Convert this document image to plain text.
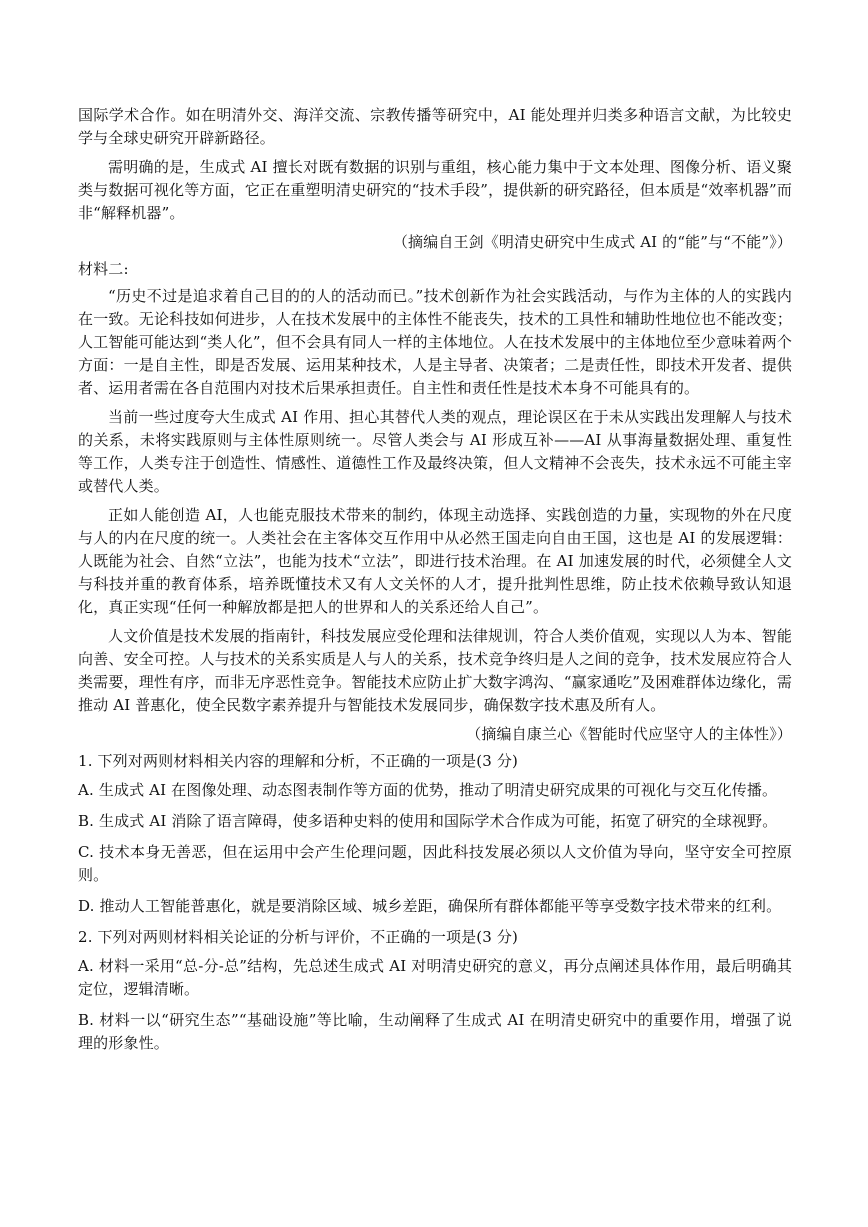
国际学术合作。如在明清外交、海洋交流、宗教传播等研究中，AI 能处理并归类多种语言文献，为比较史学与全球史研究开辟新路径。

需明确的是，生成式 AI 擅长对既有数据的识别与重组，核心能力集中于文本处理、图像分析、语义聚类与数据可视化等方面，它正在重塑明清史研究的“技术手段”，提供新的研究路径，但本质是“效率机器”而非“解释机器”。

（摘编自王剑《明清史研究中生成式 AI 的“能”与“不能”》）

材料二:

“历史不过是追求着自己目的的人的活动而已。”技术创新作为社会实践活动，与作为主体的人的实践内在一致。无论科技如何进步，人在技术发展中的主体性不能丧失，技术的工具性和辅助性地位也不能改变；人工智能可能达到“类人化”，但不会具有同人一样的主体地位。人在技术发展中的主体地位至少意味着两个方面：一是自主性，即是否发展、运用某种技术，人是主导者、决策者；二是责任性，即技术开发者、提供者、运用者需在各自范围内对技术后果承担责任。自主性和责任性是技术本身不可能具有的。

当前一些过度夸大生成式 AI 作用、担心其替代人类的观点，理论误区在于未从实践出发理解人与技术的关系，未将实践原则与主体性原则统一。尽管人类会与 AI 形成互补——AI 从事海量数据处理、重复性等工作，人类专注于创造性、情感性、道德性工作及最终决策，但人文精神不会丧失，技术永远不可能主宰或替代人类。

正如人能创造 AI，人也能克服技术带来的制约，体现主动选择、实践创造的力量，实现物的外在尺度与人的内在尺度的统一。人类社会在主客体交互作用中从必然王国走向自由王国，这也是 AI 的发展逻辑：人既能为社会、自然“立法”，也能为技术“立法”，即进行技术治理。在 AI 加速发展的时代，必须健全人文与科技并重的教育体系，培养既懂技术又有人文关怀的人才，提升批判性思维，防止技术依赖导致认知退化，真正实现“任何一种解放都是把人的世界和人的关系还给人自己”。

人文价值是技术发展的指南针，科技发展应受伦理和法律规训，符合人类价值观，实现以人为本、智能向善、安全可控。人与技术的关系实质是人与人的关系，技术竞争终归是人之间的竞争，技术发展应符合人类需要，理性有序，而非无序恶性竞争。智能技术应防止扩大数字鸿沟、“赢家通吃”及困难群体边缘化，需推动 AI 普惠化，使全民数字素养提升与智能技术发展同步，确保数字技术惠及所有人。

（摘编自康兰心《智能时代应坚守人的主体性》）

1. 下列对两则材料相关内容的理解和分析，不正确的一项是(3 分)

A. 生成式 AI 在图像处理、动态图表制作等方面的优势，推动了明清史研究成果的可视化与交互化传播。

B. 生成式 AI 消除了语言障碍，使多语种史料的使用和国际学术合作成为可能，拓宽了研究的全球视野。

C. 技术本身无善恶，但在运用中会产生伦理问题，因此科技发展必须以人文价值为导向，坚守安全可控原则。

D. 推动人工智能普惠化，就是要消除区域、城乡差距，确保所有群体都能平等享受数字技术带来的红利。

2. 下列对两则材料相关论证的分析与评价，不正确的一项是(3 分)

A. 材料一采用“总-分-总”结构，先总述生成式 AI 对明清史研究的意义，再分点阐述具体作用，最后明确其定位，逻辑清晰。

B. 材料一以“研究生态”“基础设施”等比喻，生动阐释了生成式 AI 在明清史研究中的重要作用，增强了说理的形象性。
